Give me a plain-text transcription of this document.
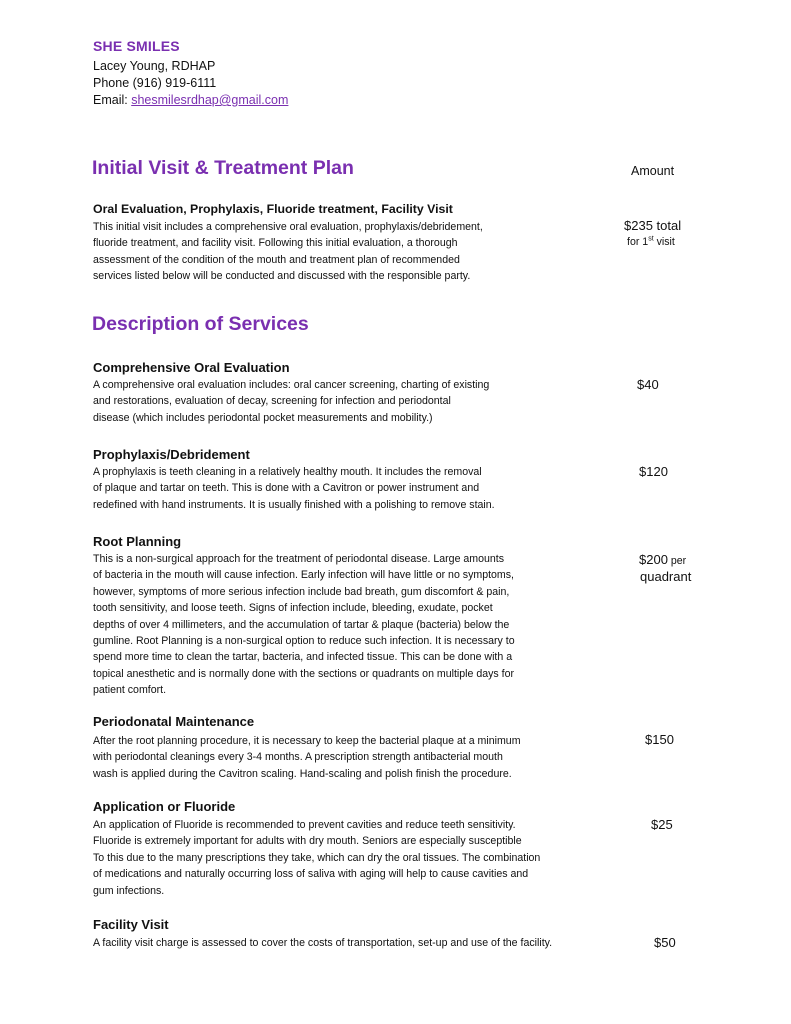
SHE SMILES
Lacey Young, RDHAP
Phone (916) 919-6111
Email: shesmilesrdhap@gmail.com
Initial Visit & Treatment Plan	Amount
Oral Evaluation, Prophylaxis, Fluoride treatment, Facility Visit
This initial visit includes a comprehensive oral evaluation, prophylaxis/debridement,
fluoride treatment, and facility visit. Following this initial evaluation, a thorough
assessment of the condition of the mouth and treatment plan of recommended
services listed below will be conducted and discussed with the responsible party.
$235 total
for 1st visit
Description of Services
Comprehensive Oral Evaluation
A comprehensive oral evaluation includes: oral cancer screening, charting of existing
and restorations, evaluation of decay, screening for infection and periodontal
disease (which includes periodontal pocket measurements and mobility.)
$40
Prophylaxis/Debridement
A prophylaxis is teeth cleaning in a relatively healthy mouth. It includes the removal
of plaque and tartar on teeth. This is done with a Cavitron or power instrument and
redefined with hand instruments. It is usually finished with a polishing to remove stain.
$120
Root Planning
This is a non-surgical approach for the treatment of periodontal disease. Large amounts
of bacteria in the mouth will cause infection. Early infection will have little or no symptoms,
however, symptoms of more serious infection include bad breath, gum discomfort & pain,
tooth sensitivity, and loose teeth. Signs of infection include, bleeding, exudate, pocket
depths of over 4 millimeters, and the accumulation of tartar & plaque (bacteria) below the
gumline. Root Planning is a non-surgical option to reduce such infection. It is necessary to
spend more time to clean the tartar, bacteria, and infected tissue. This can be done with a
topical anesthetic and is normally done with the sections or quadrants on multiple days for
patient comfort.
$200 per
quadrant
Periodonatal Maintenance
After the root planning procedure, it is necessary to keep the bacterial plaque at a minimum
with periodontal cleanings every 3-4 months. A prescription strength antibacterial mouth
wash is applied during the Cavitron scaling. Hand-scaling and polish finish the procedure.
$150
Application or Fluoride
An application of Fluoride is recommended to prevent cavities and reduce teeth sensitivity.
Fluoride is extremely important for adults with dry mouth. Seniors are especially susceptible
To this due to the many prescriptions they take, which can dry the oral tissues. The combination
of medications and naturally occurring loss of saliva with aging will help to cause cavities and
gum infections.
$25
Facility Visit
A facility visit charge is assessed to cover the costs of transportation, set-up and use of the facility.	$50
